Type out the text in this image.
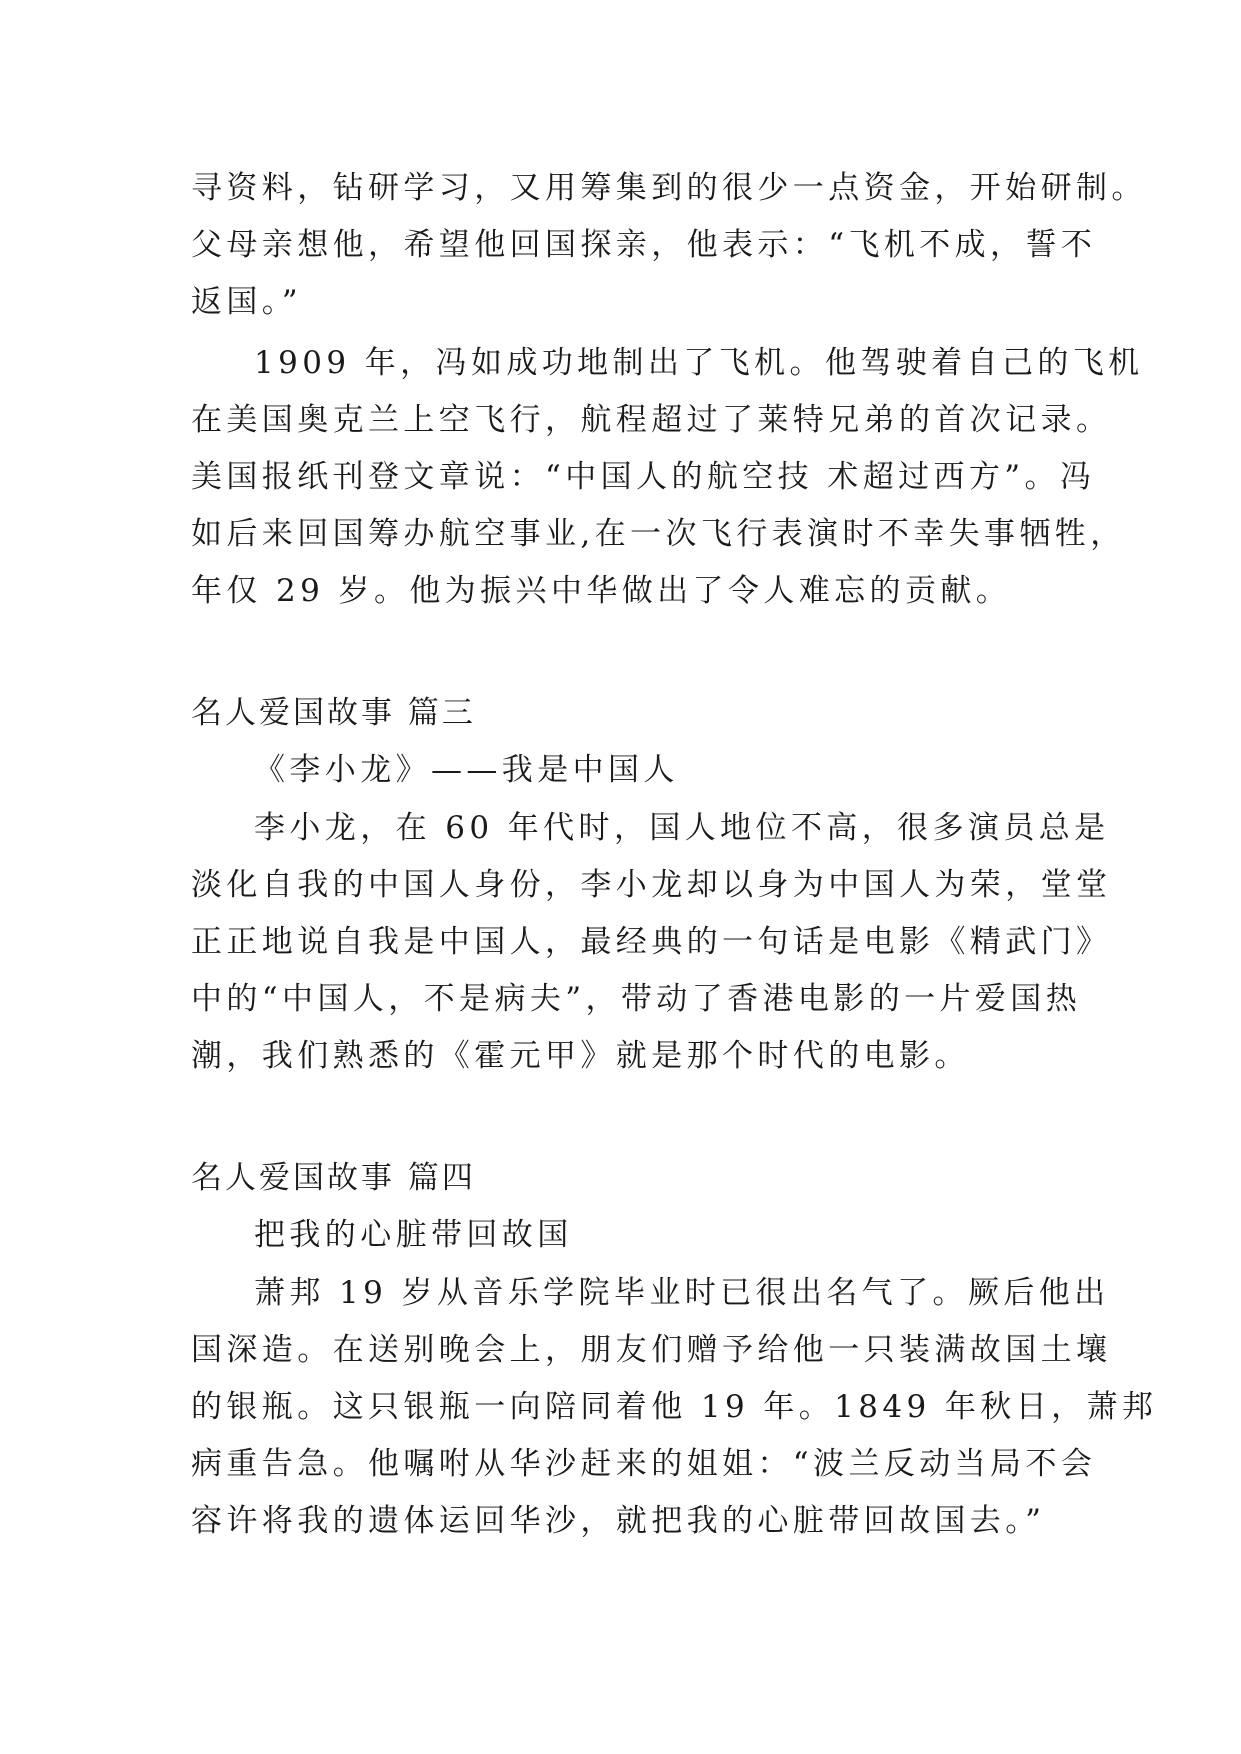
寻资料，钻研学习，又用筹集到的很少一点资金，开始研制。
父母亲想他，希望他回国探亲，他表示：“飞机不成，誓不
返国。”
1909 年，冯如成功地制出了飞机。他驾驶着自己的飞机
在美国奥克兰上空飞行，航程超过了莱特兄弟的首次记录。
美国报纸刊登文章说：“中国人的航空技 术超过西方”。冯
如后来回国筹办航空事业,在一次飞行表演时不幸失事牺牲，
年仅 29 岁。他为振兴中华做出了令人难忘的贡献。
名人爱国故事 篇三
《李小龙》——我是中国人
李小龙，在 60 年代时，国人地位不高，很多演员总是
淡化自我的中国人身份，李小龙却以身为中国人为荣，堂堂
正正地说自我是中国人，最经典的一句话是电影《精武门》
中的“中国人，不是病夫”，带动了香港电影的一片爱国热
潮，我们熟悉的《霍元甲》就是那个时代的电影。
名人爱国故事 篇四
把我的心脏带回故国
萧邦 19 岁从音乐学院毕业时已很出名气了。厥后他出
国深造。在送别晚会上，朋友们赠予给他一只装满故国土壤
的银瓶。这只银瓶一向陪同着他 19 年。1849 年秋日，萧邦
病重告急。他嘱咐从华沙赶来的姐姐：“波兰反动当局不会
容许将我的遗体运回华沙，就把我的心脏带回故国去。”
